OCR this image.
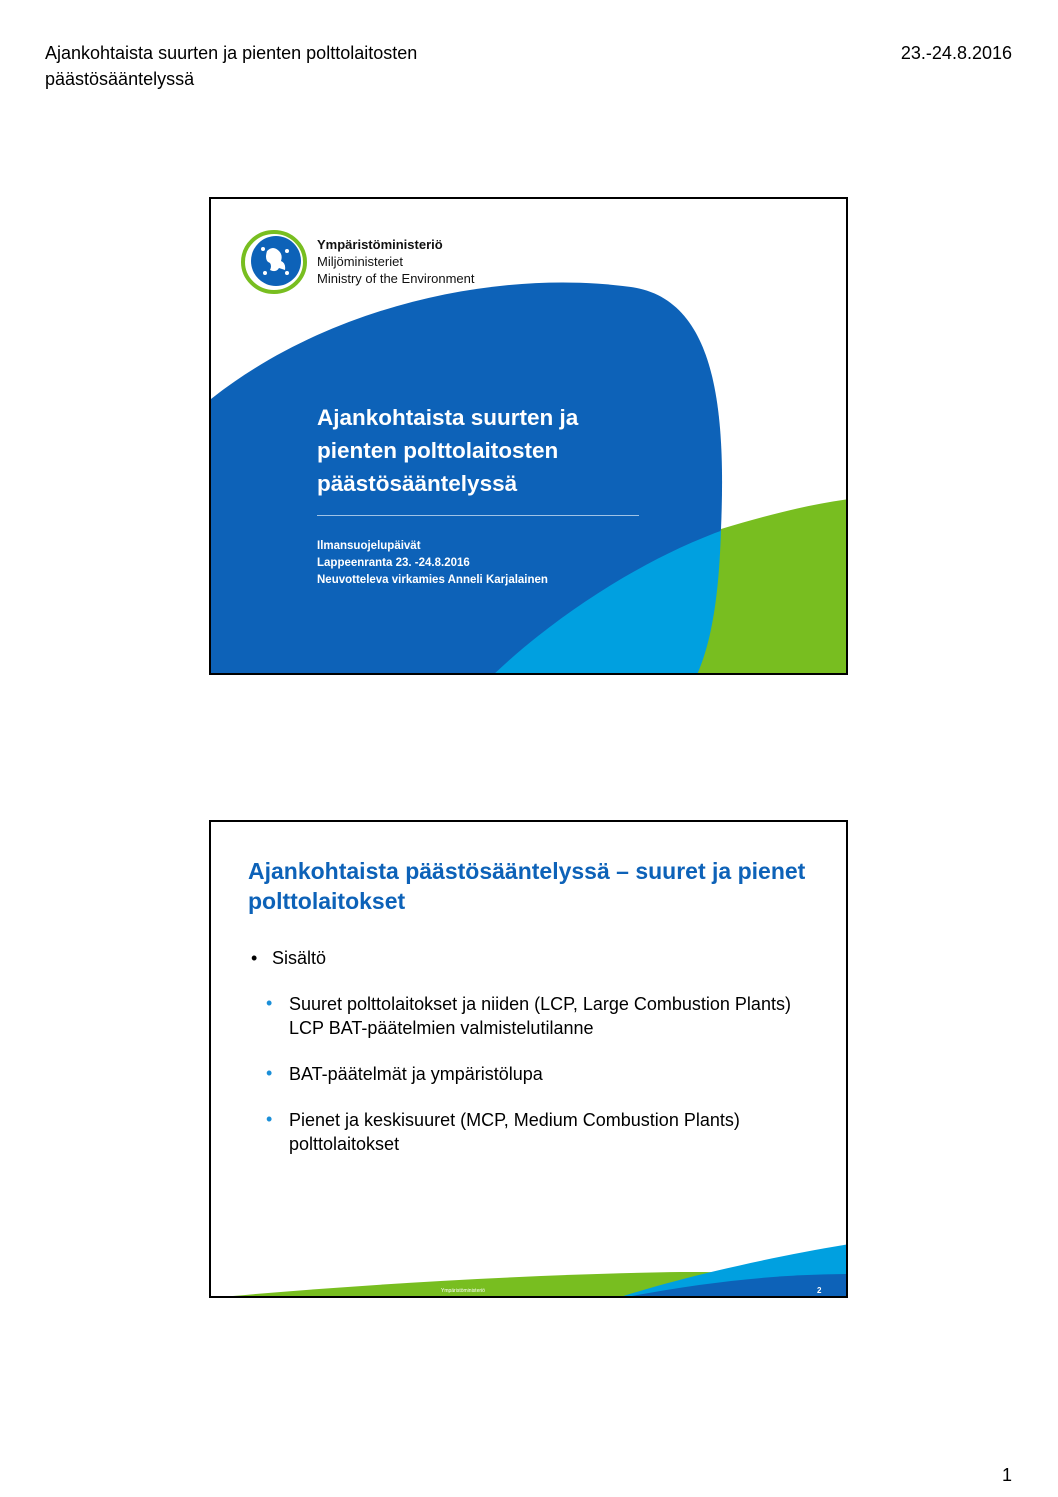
Ajankohtaista suurten ja pienten polttolaitosten päästösääntelyssä
23.-24.8.2016
Ympäristöministeriö
Miljöministeriet
Ministry of the Environment
Ajankohtaista suurten ja pienten polttolaitosten päästösääntelyssä
Ilmansuojelupäivät
Lappeenranta 23. -24.8.2016
Neuvotteleva virkamies Anneli Karjalainen
Ajankohtaista päästösääntelyssä – suuret ja pienet polttolaitokset
• Sisältö
• Suuret polttolaitokset ja niiden (LCP, Large Combustion Plants) LCP BAT-päätelmien valmistelutilanne
• BAT-päätelmät ja ympäristölupa
• Pienet ja keskisuuret (MCP, Medium Combustion Plants) polttolaitokset
Ympäristöministeriö	2
1
